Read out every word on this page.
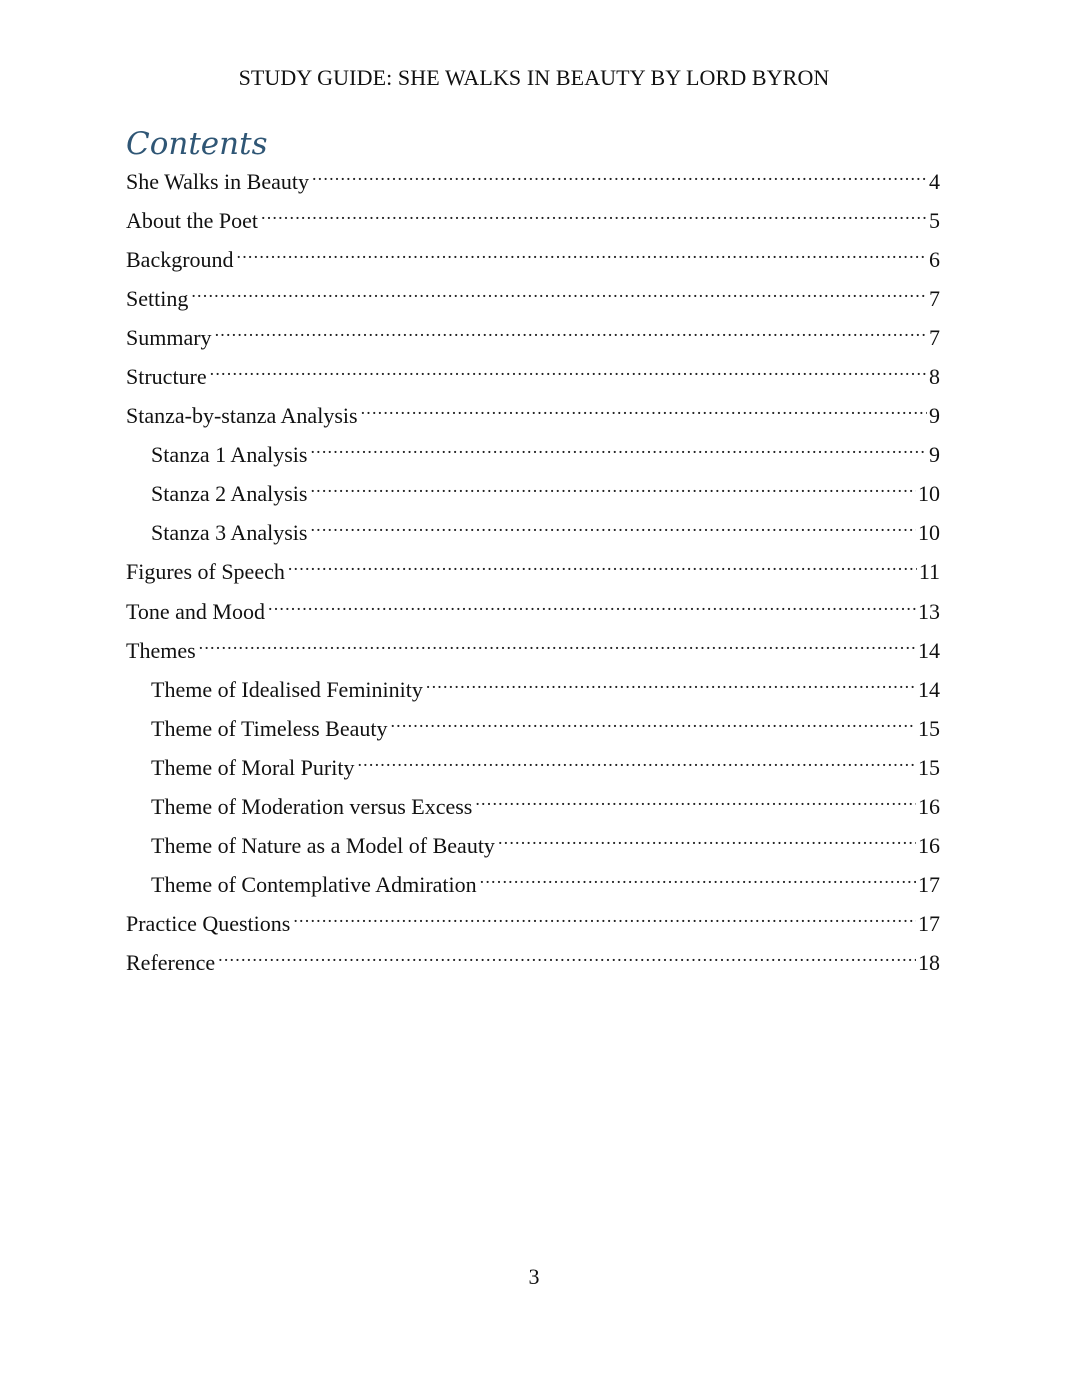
STUDY GUIDE: SHE WALKS IN BEAUTY BY LORD BYRON
Contents
She Walks in Beauty .....	4
About the Poet .....	5
Background .....	6
Setting .....	7
Summary .....	7
Structure .....	8
Stanza-by-stanza Analysis .....	9
Stanza 1 Analysis .....	9
Stanza 2 Analysis .....	10
Stanza 3 Analysis .....	10
Figures of Speech .....	11
Tone and Mood .....	13
Themes .....	14
Theme of Idealised Femininity .....	14
Theme of Timeless Beauty .....	15
Theme of Moral Purity .....	15
Theme of Moderation versus Excess .....	16
Theme of Nature as a Model of Beauty .....	16
Theme of Contemplative Admiration .....	17
Practice Questions .....	17
Reference .....	18
3
